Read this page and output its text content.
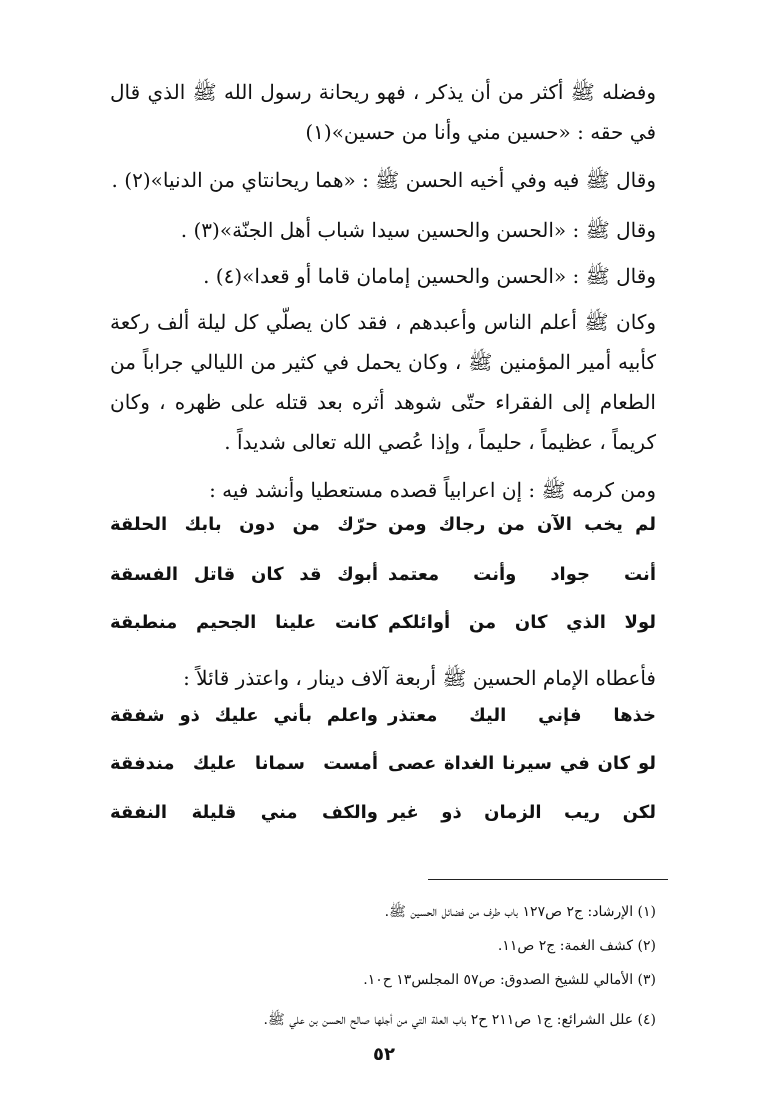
وفضله ﷺ أكثر من أن يذكر ، فهو ريحانة رسول الله ﷺ الذي قال في حقه : «حسين مني وأنا من حسين»(١)
وقال ﷺ فيه وفي أخيه الحسن ﷺ : «هما ريحانتاي من الدنيا»(٢) .
وقال ﷺ : «الحسن والحسين سيدا شباب أهل الجنّة»(٣) .
وقال ﷺ : «الحسن والحسين إمامان قاما أو قعدا»(٤) .
وكان ﷺ أعلم الناس وأعبدهم ، فقد كان يصلّي كل ليلة ألف ركعة كأبيه أمير المؤمنين ﷺ ، وكان يحمل في كثير من الليالي جراباً من الطعام إلى الفقراء حتّى شوهد أثره بعد قتله على ظهره ، وكان كريماً ، عظيماً ، حليماً ، وإذا عُصي الله تعالى شديداً .
ومن كرمه ﷺ : إن اعرابياً قصده مستعطيا وأنشد فيه :
لم يخب الآن من رجاك ومن
حرّك من دون بابك الحلقة
أنت جواد وأنت معتمد
أبوك قد كان قاتل الفسقة
لولا الذي كان من أوائلكم
كانت علينا الجحيم منطبقة
فأعطاه الإمام الحسين ﷺ أربعة آلاف دينار ، واعتذر قائلاً :
خذها فإني اليك معتذر
واعلم بأني عليك ذو شفقة
لو كان في سيرنا الغداة عصى
أمست سمانا عليك مندفقة
لكن ريب الزمان ذو غير
والكف مني قليلة النفقة
(١) الإرشاد: ج٢ ص١٢٧ باب طرف من فضائل الحسين ﷺ.
(٢) كشف الغمة: ج٢ ص١١.
(٣) الأمالي للشيخ الصدوق: ص٥٧ المجلس١٣ ح١٠.
(٤) علل الشرائع: ج١ ص٢١١ ح٢ باب العلة التي من أجلها صالح الحسن بن علي ﷺ.
٥٢
